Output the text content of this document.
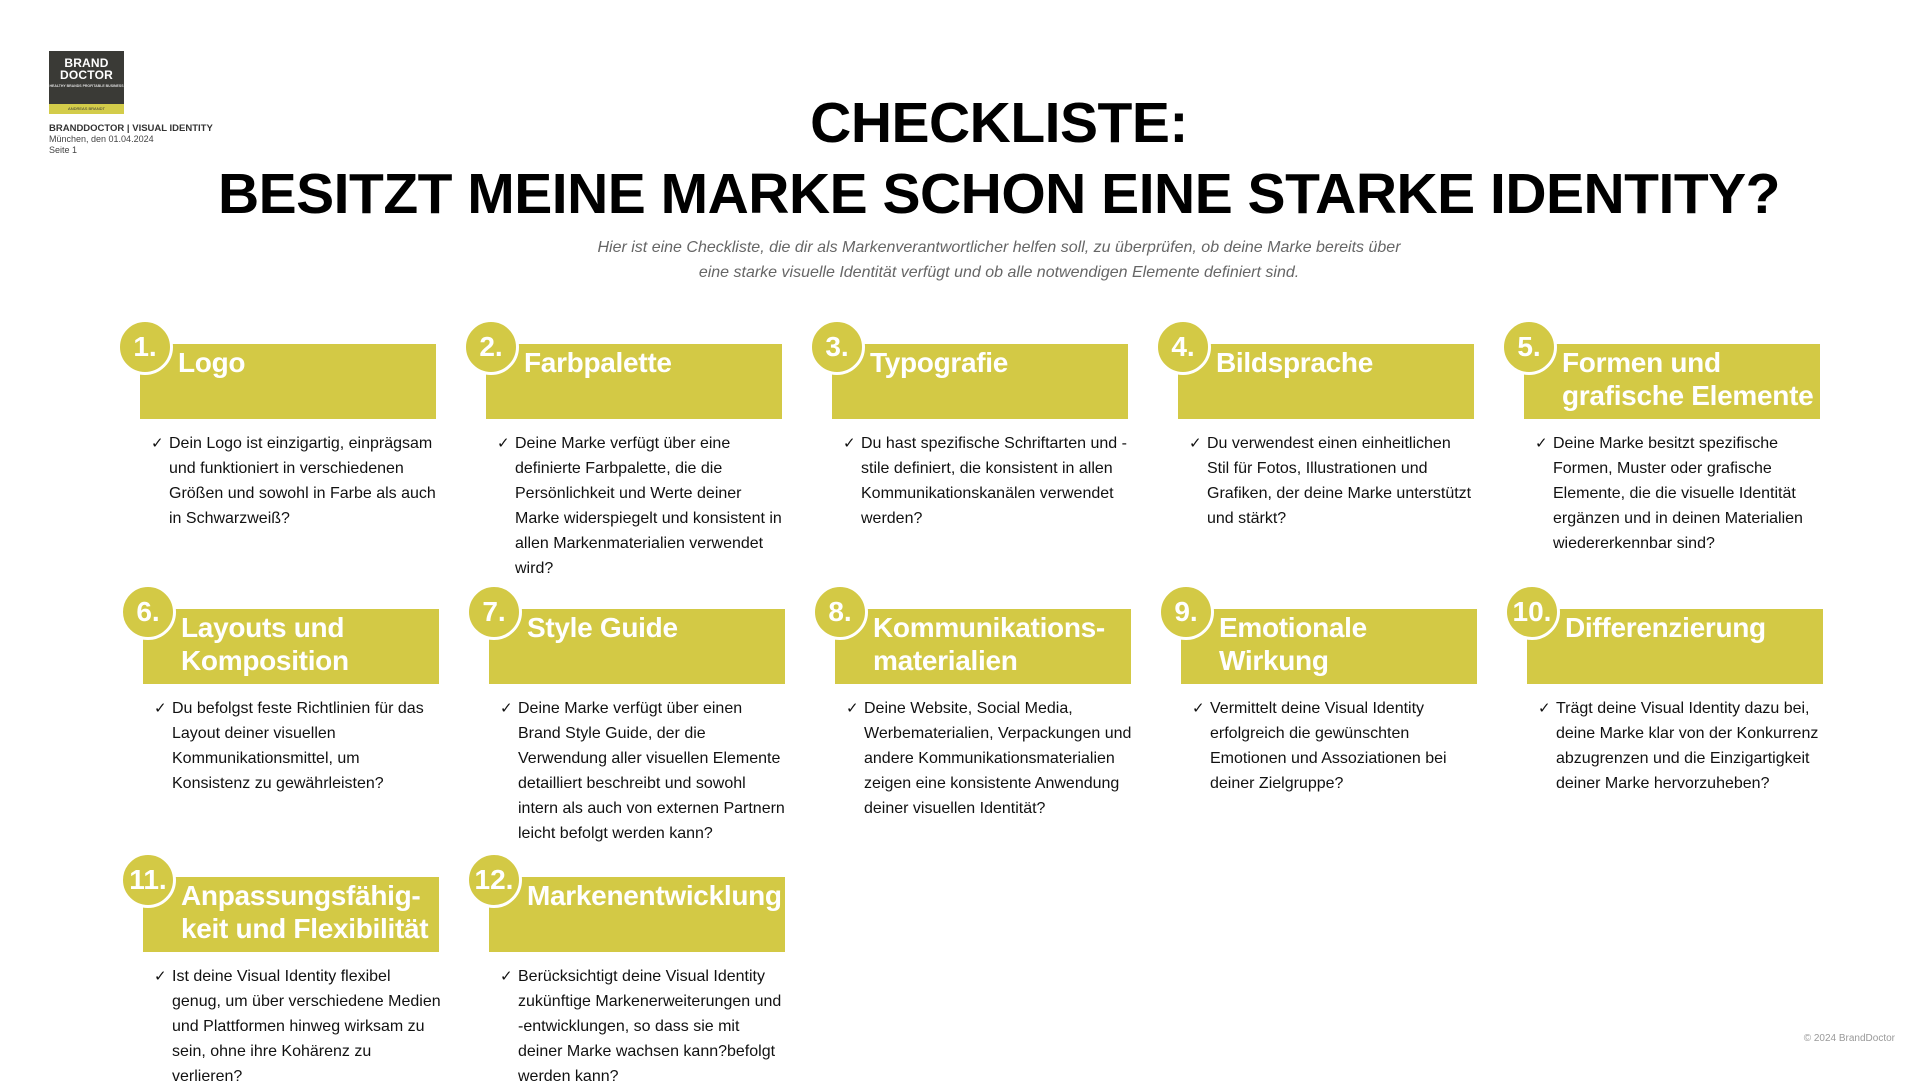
BRAND
DOCTOR
HEALTHY BRANDS PROFITABLE BUSINESS
ANDREAS BRANDT
BRANDDOCTOR | VISUAL IDENTITY
München, den 01.04.2024
Seite 1	CHECKLISTE:
BESITZT MEINE MARKE SCHON EINE STARKE IDENTITY?
Hier ist eine Checkliste, die dir als Markenverantwortlicher helfen soll, zu überprüfen, ob deine Marke bereits über
eine starke visuelle Identität verfügt und ob alle notwendigen Elemente definiert sind.
Logo
1.
✓ Dein Logo ist einzigartig, einprägsam und funktioniert in verschiedenen Größen und sowohl in Farbe als auch in Schwarzweiß?
Farbpalette
2.
✓ Deine Marke verfügt über eine definierte Farbpalette, die die Persönlichkeit und Werte deiner Marke widerspiegelt und konsistent in allen Markenmaterialien verwendet wird?
Typografie
3.
✓ Du hast spezifische Schriftarten und -stile definiert, die konsistent in allen Kommunikationskanälen verwendet werden?
Bildsprache
4.
✓ Du verwendest einen einheitlichen Stil für Fotos, Illustrationen und Grafiken, der deine Marke unterstützt und stärkt?
Formen und grafische Elemente
5.
✓ Deine Marke besitzt spezifische Formen, Muster oder grafische Elemente, die die visuelle Identität ergänzen und in deinen Materialien wiedererkennbar sind?
Layouts und Komposition
6.
✓ Du befolgst feste Richtlinien für das Layout deiner visuellen Kommunikationsmittel, um Konsistenz zu gewährleisten?
Style Guide
7.
✓ Deine Marke verfügt über einen Brand Style Guide, der die Verwendung aller visuellen Elemente detailliert beschreibt und sowohl intern als auch von externen Partnern leicht befolgt werden kann?
Kommunikations-materialien
8.
✓ Deine Website, Social Media, Werbematerialien, Verpackungen und andere Kommunikationsmaterialien zeigen eine konsistente Anwendung deiner visuellen Identität?
Emotionale Wirkung
9.
✓ Vermittelt deine Visual Identity erfolgreich die gewünschten Emotionen und Assoziationen bei deiner Zielgruppe?
Differenzierung
10.
✓ Trägt deine Visual Identity dazu bei, deine Marke klar von der Konkurrenz abzugrenzen und die Einzigartigkeit deiner Marke hervorzuheben?
Anpassungsfähig-keit und Flexibilität
11.
✓ Ist deine Visual Identity flexibel genug, um über verschiedene Medien und Plattformen hinweg wirksam zu sein, ohne ihre Kohärenz zu verlieren?
Markenentwicklung
12.
✓ Berücksichtigt deine Visual Identity zukünftige Markenerweiterungen und -entwicklungen, so dass sie mit deiner Marke wachsen kann?befolgt werden kann?
© 2024 BrandDoctor
